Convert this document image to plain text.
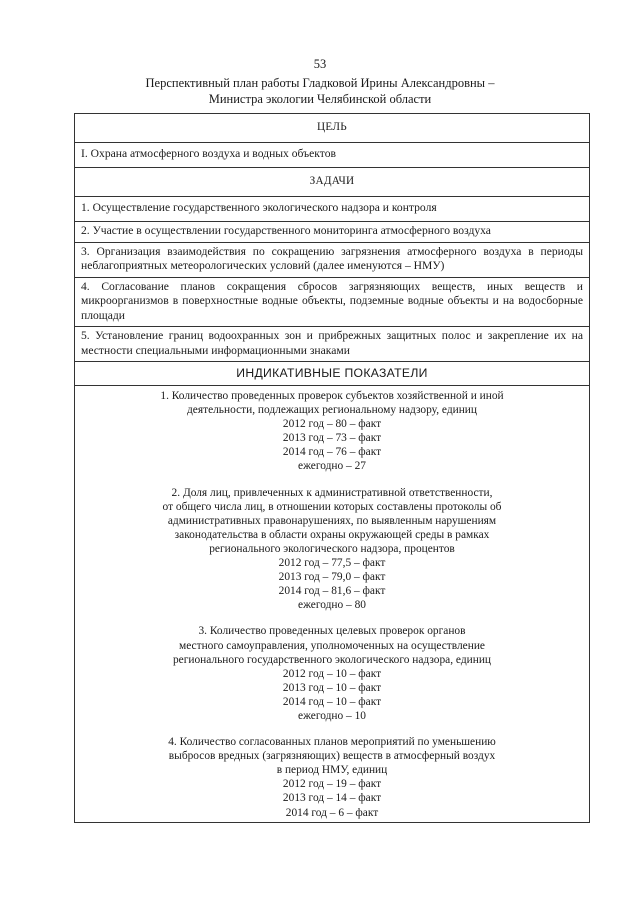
53
Перспективный план работы Гладковой Ирины Александровны –
Министра экологии Челябинской области
ЦЕЛЬ
I. Охрана атмосферного воздуха и водных объектов
ЗАДАЧИ
1. Осуществление государственного экологического надзора и контроля
2. Участие в осуществлении государственного мониторинга атмосферного воздуха
3. Организация взаимодействия по сокращению загрязнения атмосферного воздуха в периоды неблагоприятных метеорологических условий (далее именуются – НМУ)
4. Согласование планов сокращения сбросов загрязняющих веществ, иных веществ и микроорганизмов в поверхностные водные объекты, подземные водные объекты и на водосборные площади
5. Установление границ водоохранных зон и прибрежных защитных полос и закрепление их на местности специальными информационными знаками
ИНДИКАТИВНЫЕ ПОКАЗАТЕЛИ

1. Количество проведенных проверок субъектов хозяйственной и иной
деятельности, подлежащих региональному надзору, единиц
2012 год – 80 – факт
2013 год – 73 – факт
2014 год – 76 – факт
ежегодно – 27
2. Доля лиц, привлеченных к административной ответственности,
от общего числа лиц, в отношении которых составлены протоколы об
административных правонарушениях, по выявленным нарушениям
законодательства в области охраны окружающей среды в рамках
регионального экологического надзора, процентов
2012 год – 77,5 – факт
2013 год – 79,0 – факт
2014 год – 81,6 – факт
ежегодно – 80
3. Количество проведенных целевых проверок органов
местного самоуправления, уполномоченных на осуществление
регионального государственного экологического надзора, единиц
2012 год – 10 – факт
2013 год – 10 – факт
2014 год – 10 – факт
ежегодно – 10
4. Количество согласованных планов мероприятий по уменьшению
выбросов вредных (загрязняющих) веществ в атмосферный воздух
в период НМУ, единиц
2012 год – 19 – факт
2013 год – 14 – факт
2014 год – 6 – факт
